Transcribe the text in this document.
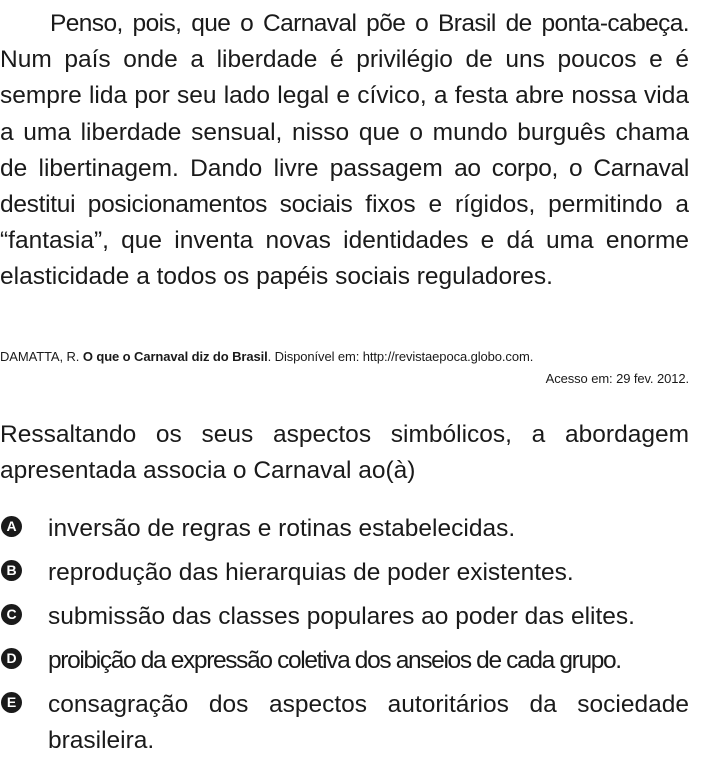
Penso, pois, que o Carnaval põe o Brasil de ponta-cabeça. Num país onde a liberdade é privilégio de uns poucos e é sempre lida por seu lado legal e cívico, a festa abre nossa vida a uma liberdade sensual, nisso que o mundo burguês chama de libertinagem. Dando livre passagem ao corpo, o Carnaval destitui posicionamentos sociais fixos e rígidos, permitindo a “fantasia”, que inventa novas identidades e dá uma enorme elasticidade a todos os papéis sociais reguladores.

DAMATTA, R. O que o Carnaval diz do Brasil. Disponível em: http://revistaepoca.globo.com.
Acesso em: 29 fev. 2012.

Ressaltando os seus aspectos simbólicos, a abordagem apresentada associa o Carnaval ao(à)

A inversão de regras e rotinas estabelecidas.
B reprodução das hierarquias de poder existentes.
C submissão das classes populares ao poder das elites.
D proibição da expressão coletiva dos anseios de cada grupo.
E consagração dos aspectos autoritários da sociedade brasileira.
